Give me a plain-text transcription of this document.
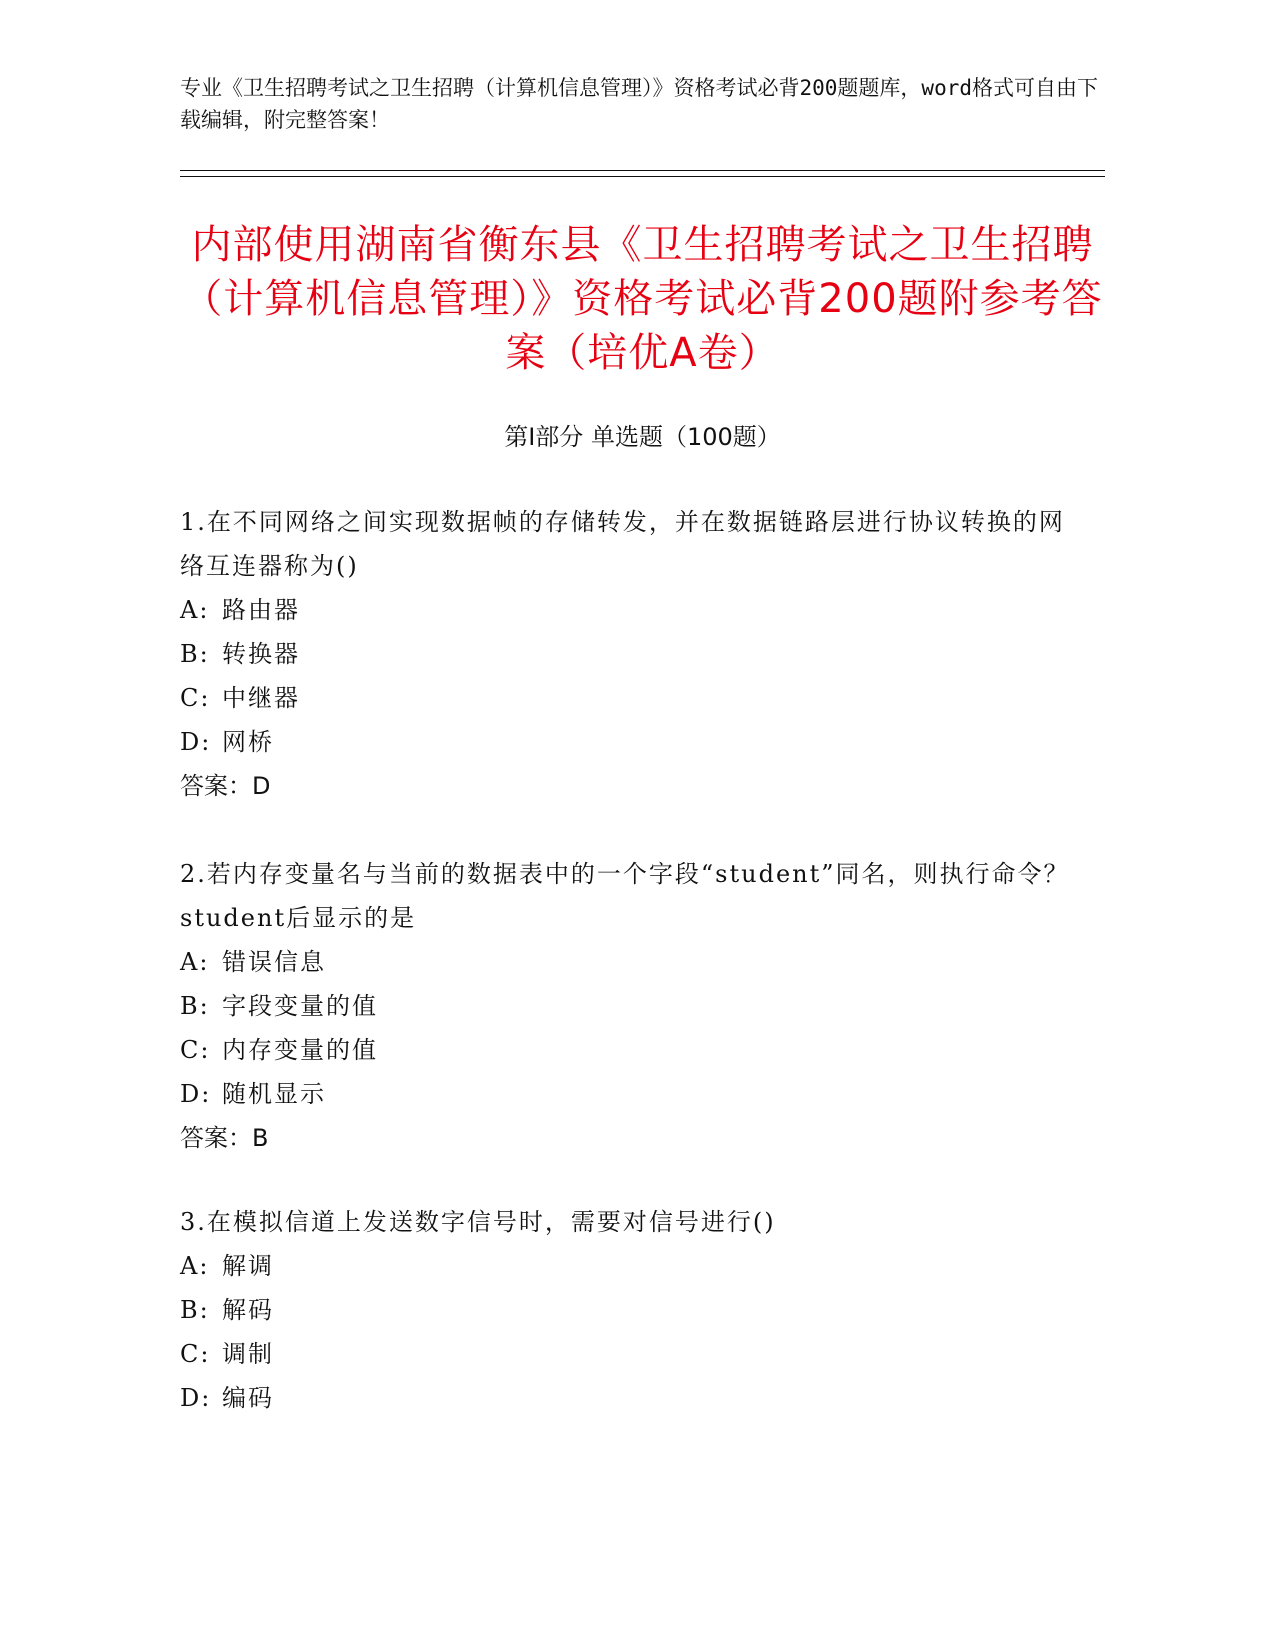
专业《卫生招聘考试之卫生招聘（计算机信息管理）》资格考试必背200题题库，word格式可自由下载编辑，附完整答案！
内部使用湖南省衡东县《卫生招聘考试之卫生招聘（计算机信息管理）》资格考试必背200题附参考答案（培优A卷）
第I部分 单选题（100题）
1.在不同网络之间实现数据帧的存储转发，并在数据链路层进行协议转换的网络互连器称为()
A: 路由器
B: 转换器
C: 中继器
D: 网桥
答案：D
2.若内存变量名与当前的数据表中的一个字段“student”同名，则执行命令？student后显示的是
A: 错误信息
B: 字段变量的值
C: 内存变量的值
D: 随机显示
答案：B
3.在模拟信道上发送数字信号时，需要对信号进行()
A: 解调
B: 解码
C: 调制
D: 编码
